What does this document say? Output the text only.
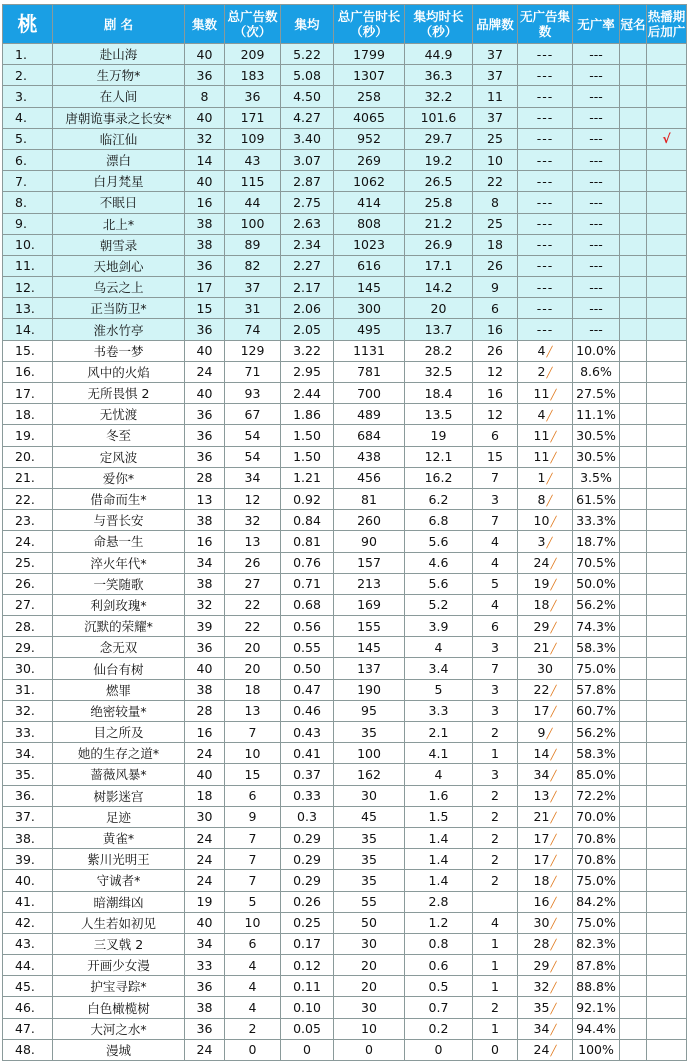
桃	剧 名	集数	总广告数（次）	集均	总广告时长（秒）	集均时长（秒）	品牌数	无广告集数	无广率	冠名	热播期后加广
1.	赴山海	40	209	5.22	1799	44.9	37	---	---		
2.	生万物*	36	183	5.08	1307	36.3	37	---	---		
3.	在人间	8	36	4.50	258	32.2	11	---	---		
4.	唐朝诡事录之长安*	40	171	4.27	4065	101.6	37	---	---		
5.	临江仙	32	109	3.40	952	29.7	25	---	---		√
6.	漂白	14	43	3.07	269	19.2	10	---	---		
7.	白月梵星	40	115	2.87	1062	26.5	22	---	---		
8.	不眠日	16	44	2.75	414	25.8	8	---	---		
9.	北上*	38	100	2.63	808	21.2	25	---	---		
10.	朝雪录	38	89	2.34	1023	26.9	18	---	---		
11.	天地剑心	36	82	2.27	616	17.1	26	---	---		
12.	乌云之上	17	37	2.17	145	14.2	9	---	---		
13.	正当防卫*	15	31	2.06	300	20	6	---	---		
14.	淮水竹亭	36	74	2.05	495	13.7	16	---	---		
15.	书卷一梦	40	129	3.22	1131	28.2	26	4╱	10.0%		
16.	风中的火焰	24	71	2.95	781	32.5	12	2╱	8.6%		
17.	无所畏惧 2	40	93	2.44	700	18.4	16	11╱	27.5%		
18.	无忧渡	36	67	1.86	489	13.5	12	4╱	11.1%		
19.	冬至	36	54	1.50	684	19	6	11╱	30.5%		
20.	定风波	36	54	1.50	438	12.1	15	11╱	30.5%		
21.	爱你*	28	34	1.21	456	16.2	7	1╱	3.5%		
22.	借命而生*	13	12	0.92	81	6.2	3	8╱	61.5%		
23.	与晋长安	38	32	0.84	260	6.8	7	10╱	33.3%		
24.	命悬一生	16	13	0.81	90	5.6	4	3╱	18.7%		
25.	淬火年代*	34	26	0.76	157	4.6	4	24╱	70.5%		
26.	一笑随歌	38	27	0.71	213	5.6	5	19╱	50.0%		
27.	利剑玫瑰*	32	22	0.68	169	5.2	4	18╱	56.2%		
28.	沉默的荣耀*	39	22	0.56	155	3.9	6	29╱	74.3%		
29.	念无双	36	20	0.55	145	4	3	21╱	58.3%		
30.	仙台有树	40	20	0.50	137	3.4	7	30	75.0%		
31.	燃罪	38	18	0.47	190	5	3	22╱	57.8%		
32.	绝密较量*	28	13	0.46	95	3.3	3	17╱	60.7%		
33.	目之所及	16	7	0.43	35	2.1	2	9╱	56.2%		
34.	她的生存之道*	24	10	0.41	100	4.1	1	14╱	58.3%		
35.	蔷薇风暴*	40	15	0.37	162	4	3	34╱	85.0%		
36.	树影迷宫	18	6	0.33	30	1.6	2	13╱	72.2%		
37.	足迹	30	9	0.3	45	1.5	2	21╱	70.0%		
38.	黄雀*	24	7	0.29	35	1.4	2	17╱	70.8%		
39.	紫川光明王	24	7	0.29	35	1.4	2	17╱	70.8%		
40.	守诚者*	24	7	0.29	35	1.4	2	18╱	75.0%		
41.	暗潮缉凶	19	5	0.26	55	2.8		16╱	84.2%		
42.	人生若如初见	40	10	0.25	50	1.2	4	30╱	75.0%		
43.	三叉戟 2	34	6	0.17	30	0.8	1	28╱	82.3%		
44.	开画少女漫	33	4	0.12	20	0.6	1	29╱	87.8%		
45.	护宝寻踪*	36	4	0.11	20	0.5	1	32╱	88.8%		
46.	白色橄榄树	38	4	0.10	30	0.7	2	35╱	92.1%		
47.	大河之水*	36	2	0.05	10	0.2	1	34╱	94.4%		
48.	漫城	24	0	0	0	0	0	24╱	100%		
